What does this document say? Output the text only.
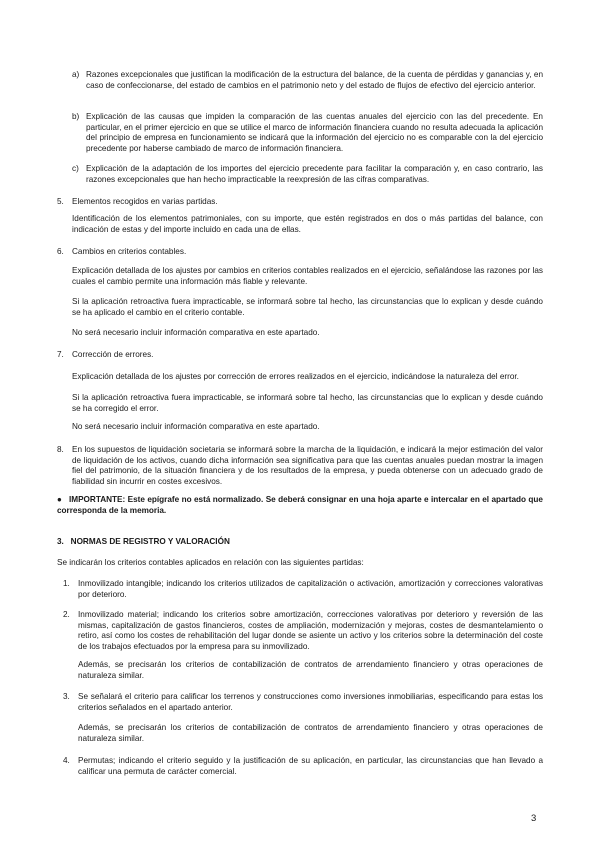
a) Razones excepcionales que justifican la modificación de la estructura del balance, de la cuenta de pérdidas y ganancias y, en caso de confeccionarse, del estado de cambios en el patrimonio neto y del estado de flujos de efectivo del ejercicio anterior.

b) Explicación de las causas que impiden la comparación de las cuentas anuales del ejercicio con las del precedente. En particular, en el primer ejercicio en que se utilice el marco de información financiera cuando no resulta adecuada la aplicación del principio de empresa en funcionamiento se indicará que la información del ejercicio no es comparable con la del ejercicio precedente por haberse cambiado de marco de información financiera.

c) Explicación de la adaptación de los importes del ejercicio precedente para facilitar la comparación y, en caso contrario, las razones excepcionales que han hecho impracticable la reexpresión de las cifras comparativas.

5. Elementos recogidos en varias partidas.

Identificación de los elementos patrimoniales, con su importe, que estén registrados en dos o más partidas del balance, con indicación de estas y del importe incluido en cada una de ellas.

6. Cambios en criterios contables.

Explicación detallada de los ajustes por cambios en criterios contables realizados en el ejercicio, señalándose las razones por las cuales el cambio permite una información más fiable y relevante.

Si la aplicación retroactiva fuera impracticable, se informará sobre tal hecho, las circunstancias que lo explican y desde cuándo se ha aplicado el cambio en el criterio contable.

No será necesario incluir información comparativa en este apartado.

7. Corrección de errores.

Explicación detallada de los ajustes por corrección de errores realizados en el ejercicio, indicándose la naturaleza del error.

Si la aplicación retroactiva fuera impracticable, se informará sobre tal hecho, las circunstancias que lo explican y desde cuándo se ha corregido el error.

No será necesario incluir información comparativa en este apartado.

8. En los supuestos de liquidación societaria se informará sobre la marcha de la liquidación, e indicará la mejor estimación del valor de liquidación de los activos, cuando dicha información sea significativa para que las cuentas anuales puedan mostrar la imagen fiel del patrimonio, de la situación financiera y de los resultados de la empresa, y pueda obtenerse con un adecuado grado de fiabilidad sin incurrir en costes excesivos.

● IMPORTANTE: Este epígrafe no está normalizado. Se deberá consignar en una hoja aparte e intercalar en el apartado que corresponda de la memoria.

3.   NORMAS DE REGISTRO Y VALORACIÓN

Se indicarán los criterios contables aplicados en relación con las siguientes partidas:

1. Inmovilizado intangible; indicando los criterios utilizados de capitalización o activación, amortización y correcciones valorativas por deterioro.

2. Inmovilizado material; indicando los criterios sobre amortización, correcciones valorativas por deterioro y reversión de las mismas, capitalización de gastos financieros, costes de ampliación, modernización y mejoras, costes de desmantelamiento o retiro, así como los costes de rehabilitación del lugar donde se asiente un activo y los criterios sobre la determinación del coste de los trabajos efectuados por la empresa para su inmovilizado.

Además, se precisarán los criterios de contabilización de contratos de arrendamiento financiero y otras operaciones de naturaleza similar.

3. Se señalará el criterio para calificar los terrenos y construcciones como inversiones inmobiliarias, especificando para estas los criterios señalados en el apartado anterior.

Además, se precisarán los criterios de contabilización de contratos de arrendamiento financiero y otras operaciones de naturaleza similar.

4. Permutas; indicando el criterio seguido y la justificación de su aplicación, en particular, las circunstancias que han llevado a calificar una permuta de carácter comercial.

3
